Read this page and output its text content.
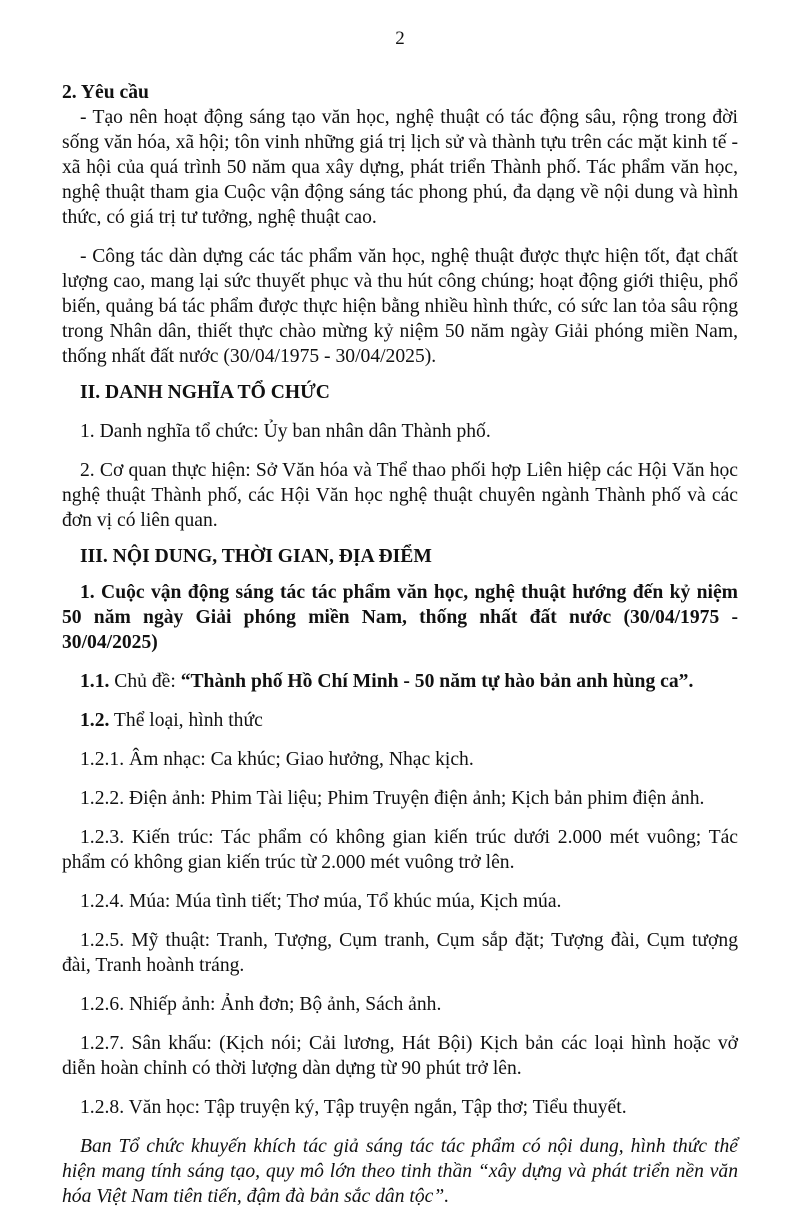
2

2. Yêu cầu

- Tạo nên hoạt động sáng tạo văn học, nghệ thuật có tác động sâu, rộng trong đời sống văn hóa, xã hội; tôn vinh những giá trị lịch sử và thành tựu trên các mặt kinh tế - xã hội của quá trình 50 năm qua xây dựng, phát triển Thành phố. Tác phẩm văn học, nghệ thuật tham gia Cuộc vận động sáng tác phong phú, đa dạng về nội dung và hình thức, có giá trị tư tưởng, nghệ thuật cao.

- Công tác dàn dựng các tác phẩm văn học, nghệ thuật được thực hiện tốt, đạt chất lượng cao, mang lại sức thuyết phục và thu hút công chúng; hoạt động giới thiệu, phổ biến, quảng bá tác phẩm được thực hiện bằng nhiều hình thức, có sức lan tỏa sâu rộng trong Nhân dân, thiết thực chào mừng kỷ niệm 50 năm ngày Giải phóng miền Nam, thống nhất đất nước (30/04/1975 - 30/04/2025).

II. DANH NGHĨA TỔ CHỨC

1. Danh nghĩa tổ chức: Ủy ban nhân dân Thành phố.

2. Cơ quan thực hiện: Sở Văn hóa và Thể thao phối hợp Liên hiệp các Hội Văn học nghệ thuật Thành phố, các Hội Văn học nghệ thuật chuyên ngành Thành phố và các đơn vị có liên quan.

III. NỘI DUNG, THỜI GIAN, ĐỊA ĐIỂM

1. Cuộc vận động sáng tác tác phẩm văn học, nghệ thuật hướng đến kỷ niệm 50 năm ngày Giải phóng miền Nam, thống nhất đất nước (30/04/1975 - 30/04/2025)

1.1. Chủ đề: “Thành phố Hồ Chí Minh - 50 năm tự hào bản anh hùng ca”.

1.2. Thể loại, hình thức

1.2.1. Âm nhạc: Ca khúc; Giao hưởng, Nhạc kịch.

1.2.2. Điện ảnh: Phim Tài liệu; Phim Truyện điện ảnh; Kịch bản phim điện ảnh.

1.2.3. Kiến trúc: Tác phẩm có không gian kiến trúc dưới 2.000 mét vuông; Tác phẩm có không gian kiến trúc từ 2.000 mét vuông trở lên.

1.2.4. Múa: Múa tình tiết; Thơ múa, Tổ khúc múa, Kịch múa.

1.2.5. Mỹ thuật: Tranh, Tượng, Cụm tranh, Cụm sắp đặt; Tượng đài, Cụm tượng đài, Tranh hoành tráng.

1.2.6. Nhiếp ảnh: Ảnh đơn; Bộ ảnh, Sách ảnh.

1.2.7. Sân khấu: (Kịch nói; Cải lương, Hát Bội) Kịch bản các loại hình hoặc vở diễn hoàn chỉnh có thời lượng dàn dựng từ 90 phút trở lên.

1.2.8. Văn học: Tập truyện ký, Tập truyện ngắn, Tập thơ; Tiểu thuyết.

Ban Tổ chức khuyến khích tác giả sáng tác tác phẩm có nội dung, hình thức thể hiện mang tính sáng tạo, quy mô lớn theo tinh thần “xây dựng và phát triển nền văn hóa Việt Nam tiên tiến, đậm đà bản sắc dân tộc”.
